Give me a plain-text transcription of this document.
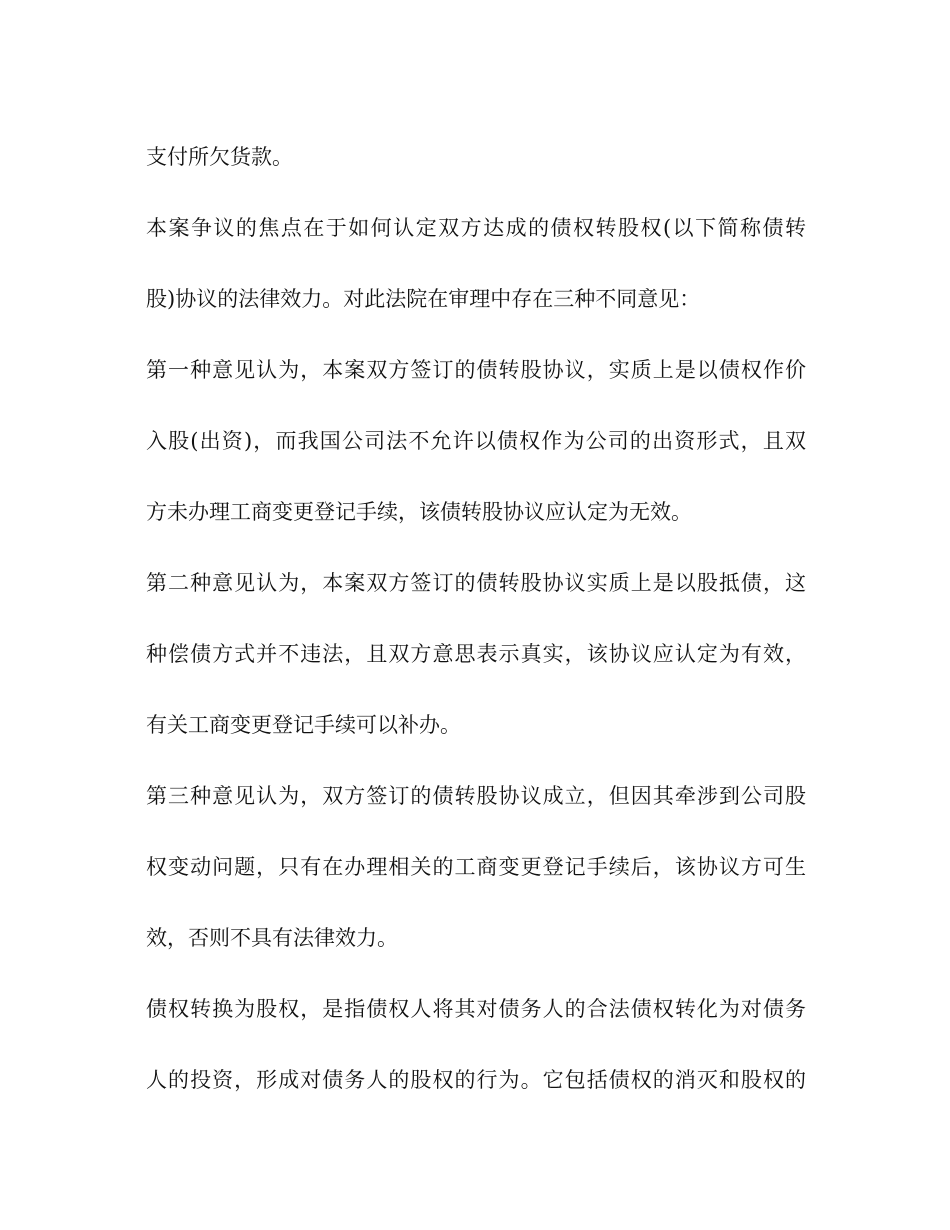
支付所欠货款。
本案争议的焦点在于如何认定双方达成的债权转股权(以下简称债转
股)协议的法律效力。对此法院在审理中存在三种不同意见：
第一种意见认为，本案双方签订的债转股协议，实质上是以债权作价
入股(出资)，而我国公司法不允许以债权作为公司的出资形式，且双
方未办理工商变更登记手续，该债转股协议应认定为无效。
第二种意见认为，本案双方签订的债转股协议实质上是以股抵债，这
种偿债方式并不违法，且双方意思表示真实，该协议应认定为有效，
有关工商变更登记手续可以补办。
第三种意见认为，双方签订的债转股协议成立，但因其牵涉到公司股
权变动问题，只有在办理相关的工商变更登记手续后，该协议方可生
效，否则不具有法律效力。
债权转换为股权，是指债权人将其对债务人的合法债权转化为对债务
人的投资，形成对债务人的股权的行为。它包括债权的消灭和股权的
